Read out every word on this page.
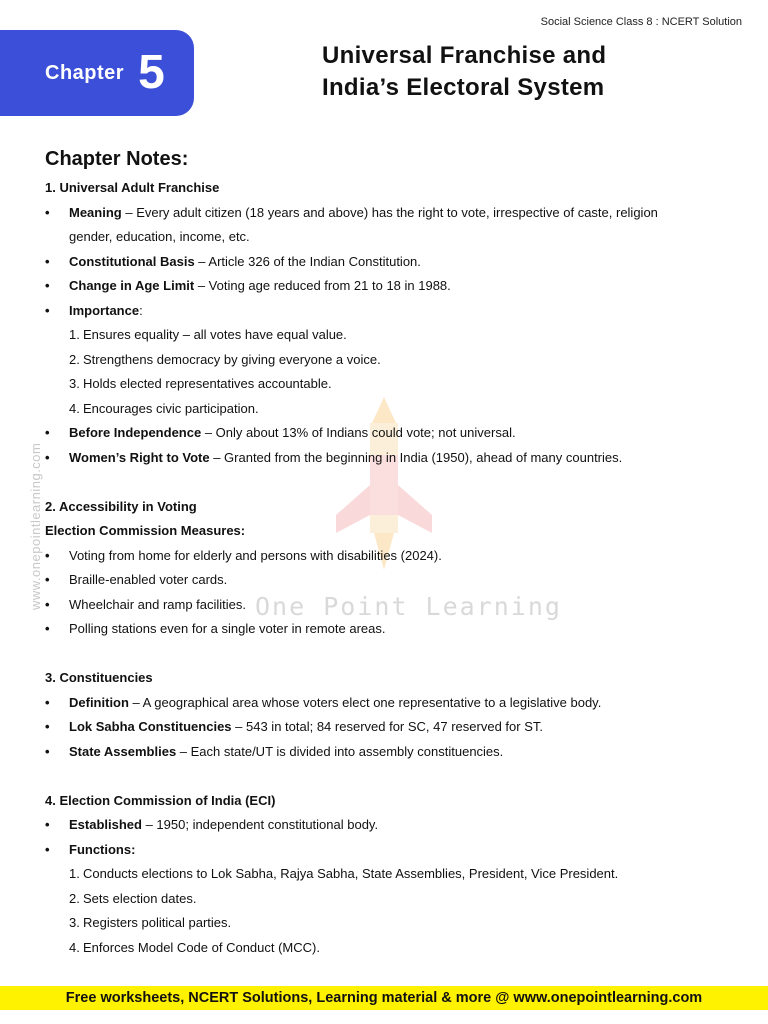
Social Science Class 8 : NCERT Solution
Chapter 5	Universal Franchise and
India’s Electoral System
www.onepointlearning.com	One Point Learning
Chapter Notes:
1. Universal Adult Franchise
• Meaning – Every adult citizen (18 years and above) has the right to vote, irrespective of caste, religion
gender, education, income, etc.
• Constitutional Basis – Article 326 of the Indian Constitution.
• Change in Age Limit – Voting age reduced from 21 to 18 in 1988.
• Importance:
1. Ensures equality – all votes have equal value.
2. Strengthens democracy by giving everyone a voice.
3. Holds elected representatives accountable.
4. Encourages civic participation.
• Before Independence – Only about 13% of Indians could vote; not universal.
• Women’s Right to Vote – Granted from the beginning in India (1950), ahead of many countries.
2. Accessibility in Voting
Election Commission Measures:
• Voting from home for elderly and persons with disabilities (2024).
• Braille-enabled voter cards.
• Wheelchair and ramp facilities.
• Polling stations even for a single voter in remote areas.
3. Constituencies
• Definition – A geographical area whose voters elect one representative to a legislative body.
• Lok Sabha Constituencies – 543 in total; 84 reserved for SC, 47 reserved for ST.
• State Assemblies – Each state/UT is divided into assembly constituencies.
4. Election Commission of India (ECI)
• Established – 1950; independent constitutional body.
• Functions:
1. Conducts elections to Lok Sabha, Rajya Sabha, State Assemblies, President, Vice President.
2. Sets election dates.
3. Registers political parties.
4. Enforces Model Code of Conduct (MCC).
Free worksheets, NCERT Solutions, Learning material & more @ www.onepointlearning.com
